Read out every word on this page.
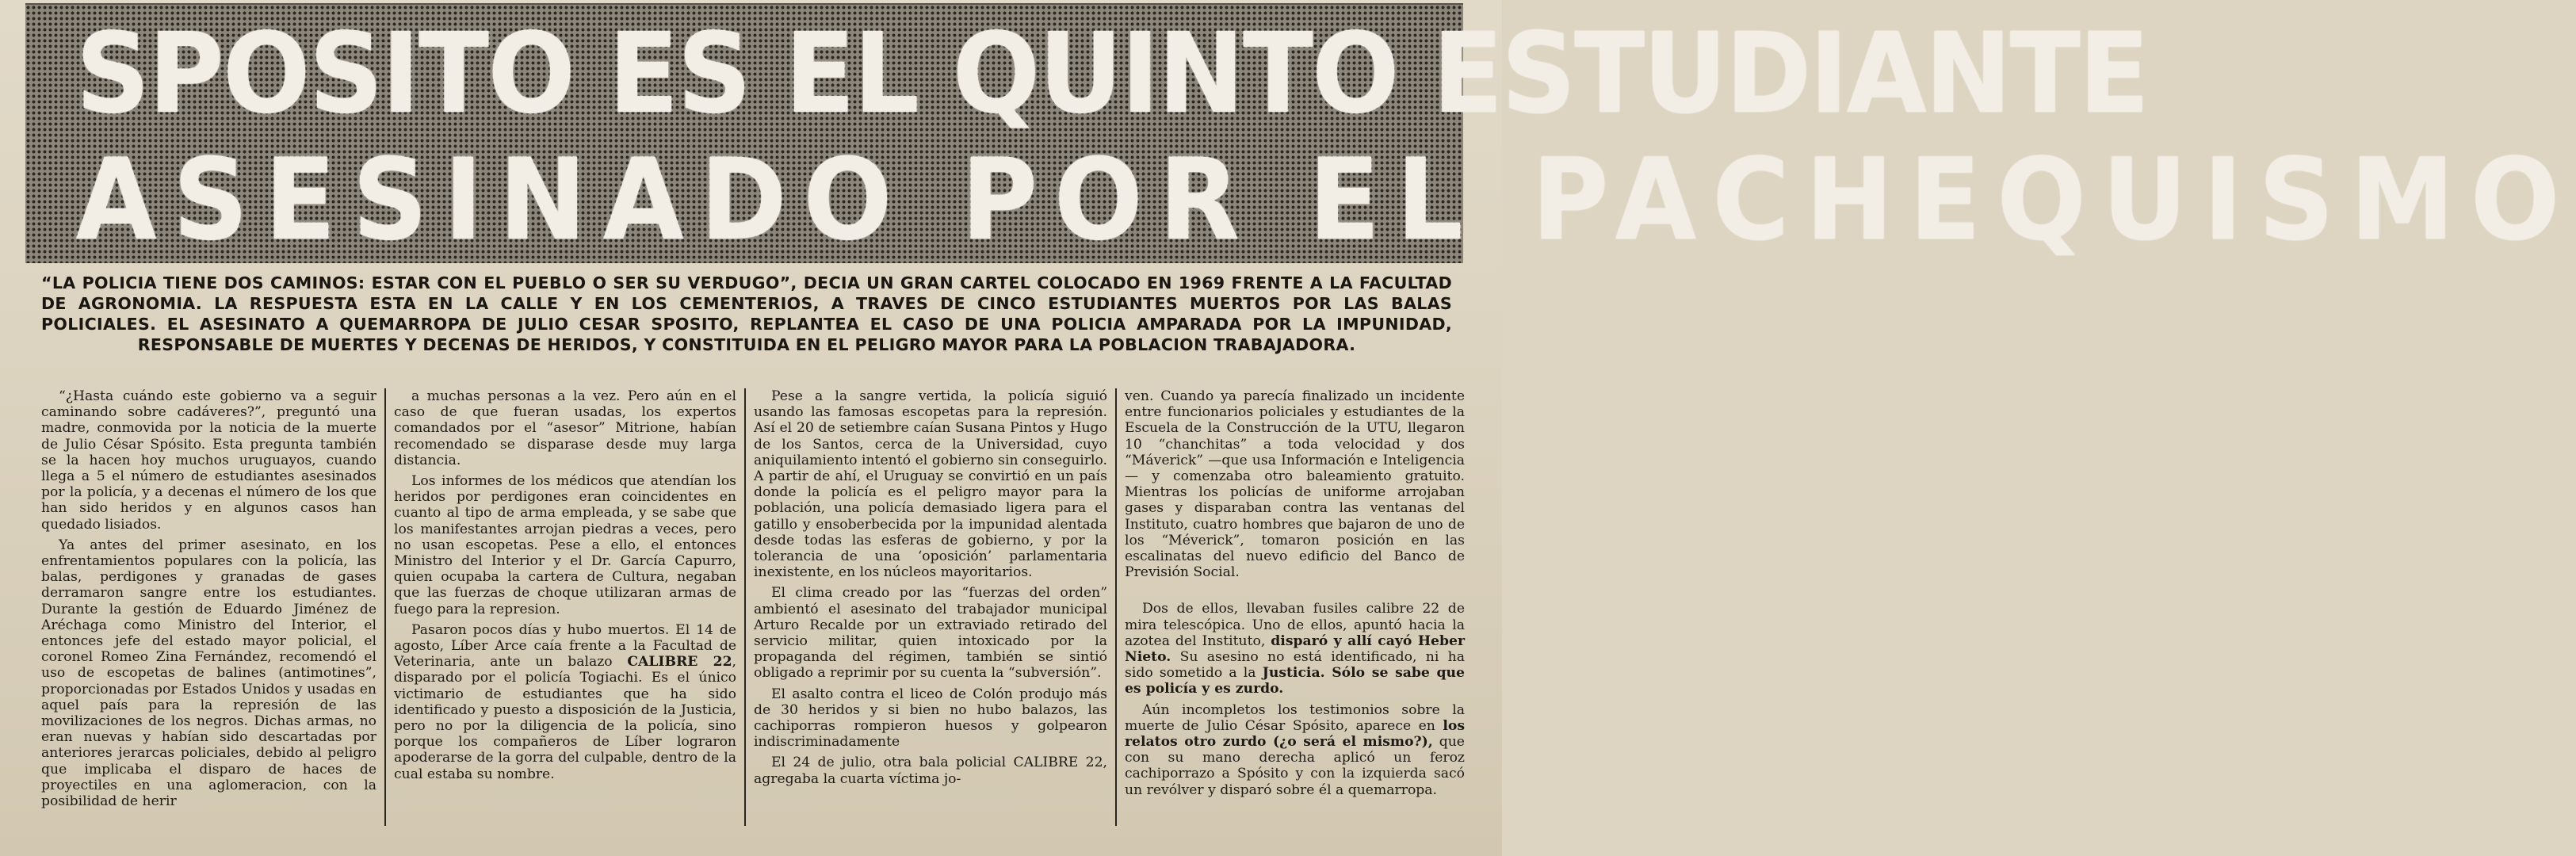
SPOSITO ES EL QUINTO ESTUDIANTE
ASESINADO POR EL PACHEQUISMO
“LA POLICIA TIENE DOS CAMINOS: ESTAR CON EL PUEBLO O SER SU VERDUGO”, DECIA UN GRAN CARTEL COLOCADO EN 1969 FRENTE A LA FACULTAD DE AGRONOMIA. LA RESPUESTA ESTA EN LA CALLE Y EN LOS CEMENTERIOS, A TRAVES DE CINCO ESTUDIANTES MUERTOS POR LAS BALAS POLICIALES. EL ASESINATO A QUEMARROPA DE JULIO CESAR SPOSITO, REPLANTEA EL CASO DE UNA POLICIA AMPARADA POR LA IMPUNIDAD, RESPONSABLE DE MUERTES Y DECENAS DE HERIDOS, Y CONSTITUIDA EN EL PELIGRO MAYOR PARA LA POBLACION TRABAJADORA.

“¿Hasta cuándo este gobierno va a seguir caminando sobre cadáveres?”, preguntó una madre, conmovida por la noticia de la muerte de Julio César Spósito. Esta pregunta también se la hacen hoy muchos uruguayos, cuando llega a 5 el número de estudiantes asesinados por la policía, y a decenas el número de los que han sido heridos y en algunos casos han quedado lisiados.

Ya antes del primer asesinato, en los enfrentamientos populares con la policía, las balas, perdigones y granadas de gases derramaron sangre entre los estudiantes. Durante la gestión de Eduardo Jiménez de Aréchaga como Ministro del Interior, el entonces jefe del estado mayor policial, el coronel Romeo Zina Fernández, recomendó el uso de escopetas de balines (antimotines”, proporcionadas por Estados Unidos y usadas en aquel país para la represión de las movilizaciones de los negros. Dichas armas, no eran nuevas y habían sido descartadas por anteriores jerarcas policiales, debido al peligro que implicaba el disparo de haces de proyectiles en una aglomeracion, con la posibilidad de herir

a muchas personas a la vez. Pero aún en el caso de que fueran usadas, los expertos comandados por el “asesor” Mitrione, habían recomendado se disparase desde muy larga distancia.

Los informes de los médicos que atendían los heridos por perdigones eran coincidentes en cuanto al tipo de arma empleada, y se sabe que los manifestantes arrojan piedras a veces, pero no usan escopetas. Pese a ello, el entonces Ministro del Interior y el Dr. García Capurro, quien ocupaba la cartera de Cultura, negaban que las fuerzas de choque utilizaran armas de fuego para la represion.

Pasaron pocos días y hubo muertos. El 14 de agosto, Líber Arce caía frente a la Facultad de Veterinaria, ante un balazo CALIBRE 22, disparado por el policía Togiachi. Es el único victimario de estudiantes que ha sido identificado y puesto a disposición de la Justicia, pero no por la diligencia de la policía, sino porque los compañeros de Líber lograron apoderarse de la gorra del culpable, dentro de la cual estaba su nombre.

Pese a la sangre vertida, la policía siguió usando las famosas escopetas para la represión. Así el 20 de setiembre caían Susana Pintos y Hugo de los Santos, cerca de la Universidad, cuyo aniquilamiento intentó el gobierno sin conseguirlo. A partir de ahí, el Uruguay se convirtió en un país donde la policía es el peligro mayor para la población, una policía demasiado ligera para el gatillo y ensoberbecida por la impunidad alentada desde todas las esferas de gobierno, y por la tolerancia de una ‘oposición’ parlamentaria inexistente, en los núcleos mayoritarios.

El clima creado por las “fuerzas del orden” ambientó el asesinato del trabajador municipal Arturo Recalde por un extraviado retirado del servicio militar, quien intoxicado por la propaganda del régimen, también se sintió obligado a reprimir por su cuenta la “subversión”.

El asalto contra el liceo de Colón produjo más de 30 heridos y si bien no hubo balazos, las cachiporras rompieron huesos y golpearon indiscriminadamente

El 24 de julio, otra bala policial CALIBRE 22, agregaba la cuarta víctima jo-

ven. Cuando ya parecía finalizado un incidente entre funcionarios policiales y estudiantes de la Escuela de la Construcción de la UTU, llegaron 10 “chanchitas” a toda velocidad y dos “Máverick” —que usa Información e Inteligencia— y comenzaba otro baleamiento gratuito. Mientras los policías de uniforme arrojaban gases y disparaban contra las ventanas del Instituto, cuatro hombres que bajaron de uno de los “Méverick”, tomaron posición en las escalinatas del nuevo edificio del Banco de Previsión Social.

Dos de ellos, llevaban fusiles calibre 22 de mira telescópica. Uno de ellos, apuntó hacia la azotea del Instituto, disparó y allí cayó Heber Nieto. Su asesino no está identificado, ni ha sido sometido a la Justicia. Sólo se sabe que es policía y es zurdo.

Aún incompletos los testimonios sobre la muerte de Julio César Spósito, aparece en los relatos otro zurdo (¿o será el mismo?), que con su mano derecha aplicó un feroz cachiporrazo a Spósito y con la izquierda sacó un revólver y disparó sobre él a quemarropa.
